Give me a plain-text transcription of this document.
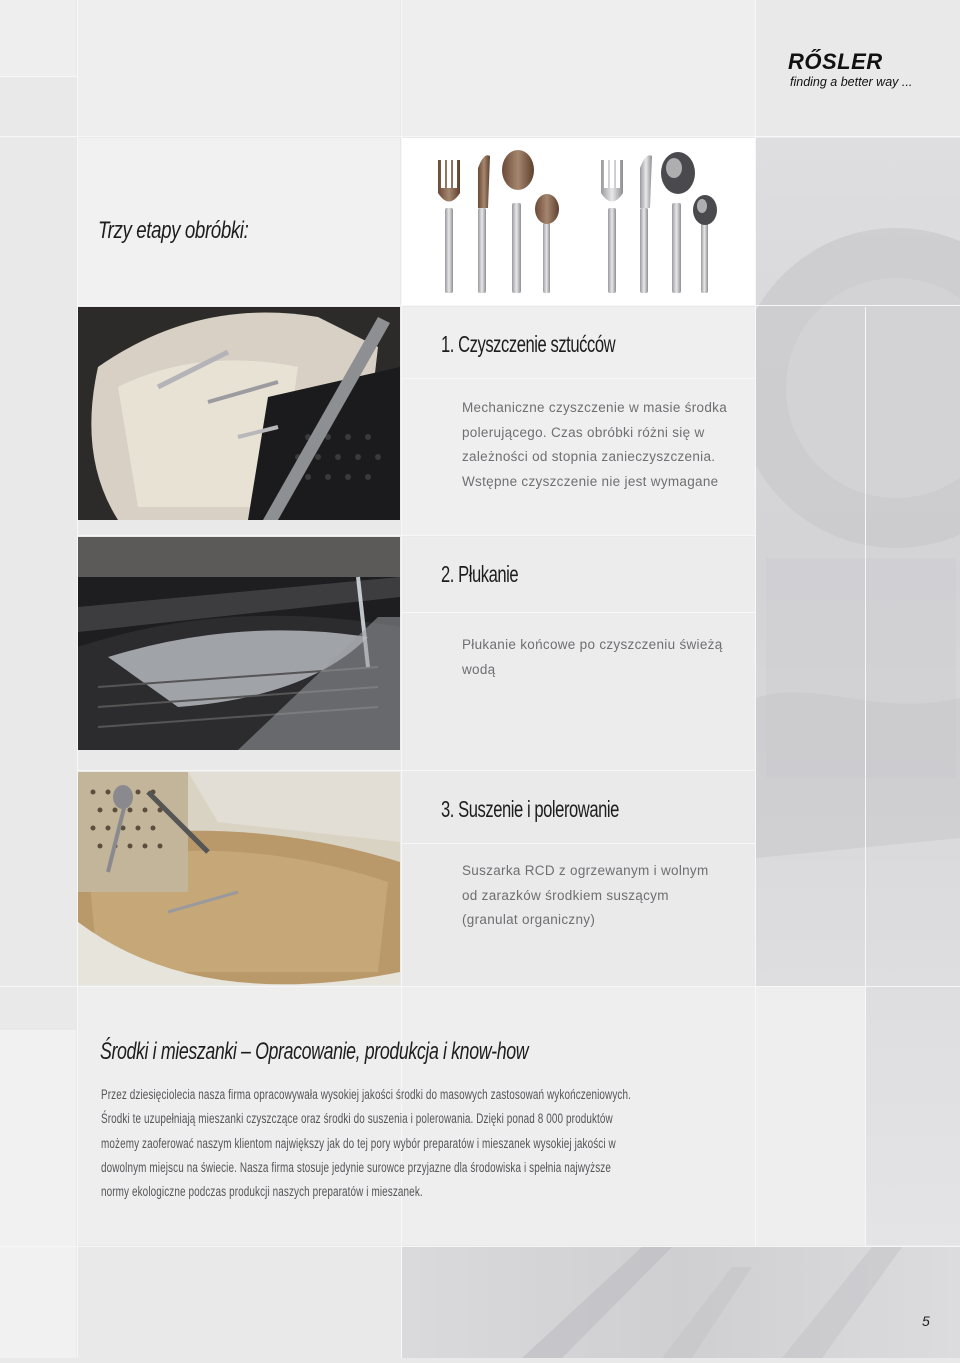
RŐSLER
finding a better way ...
Trzy etapy obróbki:
1. Czyszczenie sztućców

Mechaniczne czyszczenie w masie środka

polerującego. Czas obróbki różni się w

zależności od stopnia zanieczyszczenia.

Wstępne czyszczenie nie jest wymagane

2. Płukanie

Płukanie końcowe po czyszczeniu świeżą

wodą

3. Suszenie i polerowanie

Suszarka RCD z ogrzewanym i wolnym

od zarazków środkiem suszącym

(granulat organiczny)

Środki i mieszanki – Opracowanie, produkcja i know-how

Przez dziesięciolecia nasza firma opracowywała wysokiej jakości środki do masowych zastosowań wykończeniowych.

Środki te uzupełniają mieszanki czyszczące oraz środki do suszenia i polerowania. Dzięki ponad 8 000 produktów

możemy zaoferować naszym klientom największy jak do tej pory wybór preparatów i mieszanek wysokiej jakości w

dowolnym miejscu na świecie. Nasza firma stosuje jedynie surowce przyjazne dla środowiska i spełnia najwyższe

normy ekologiczne podczas produkcji naszych preparatów i mieszanek.

5
